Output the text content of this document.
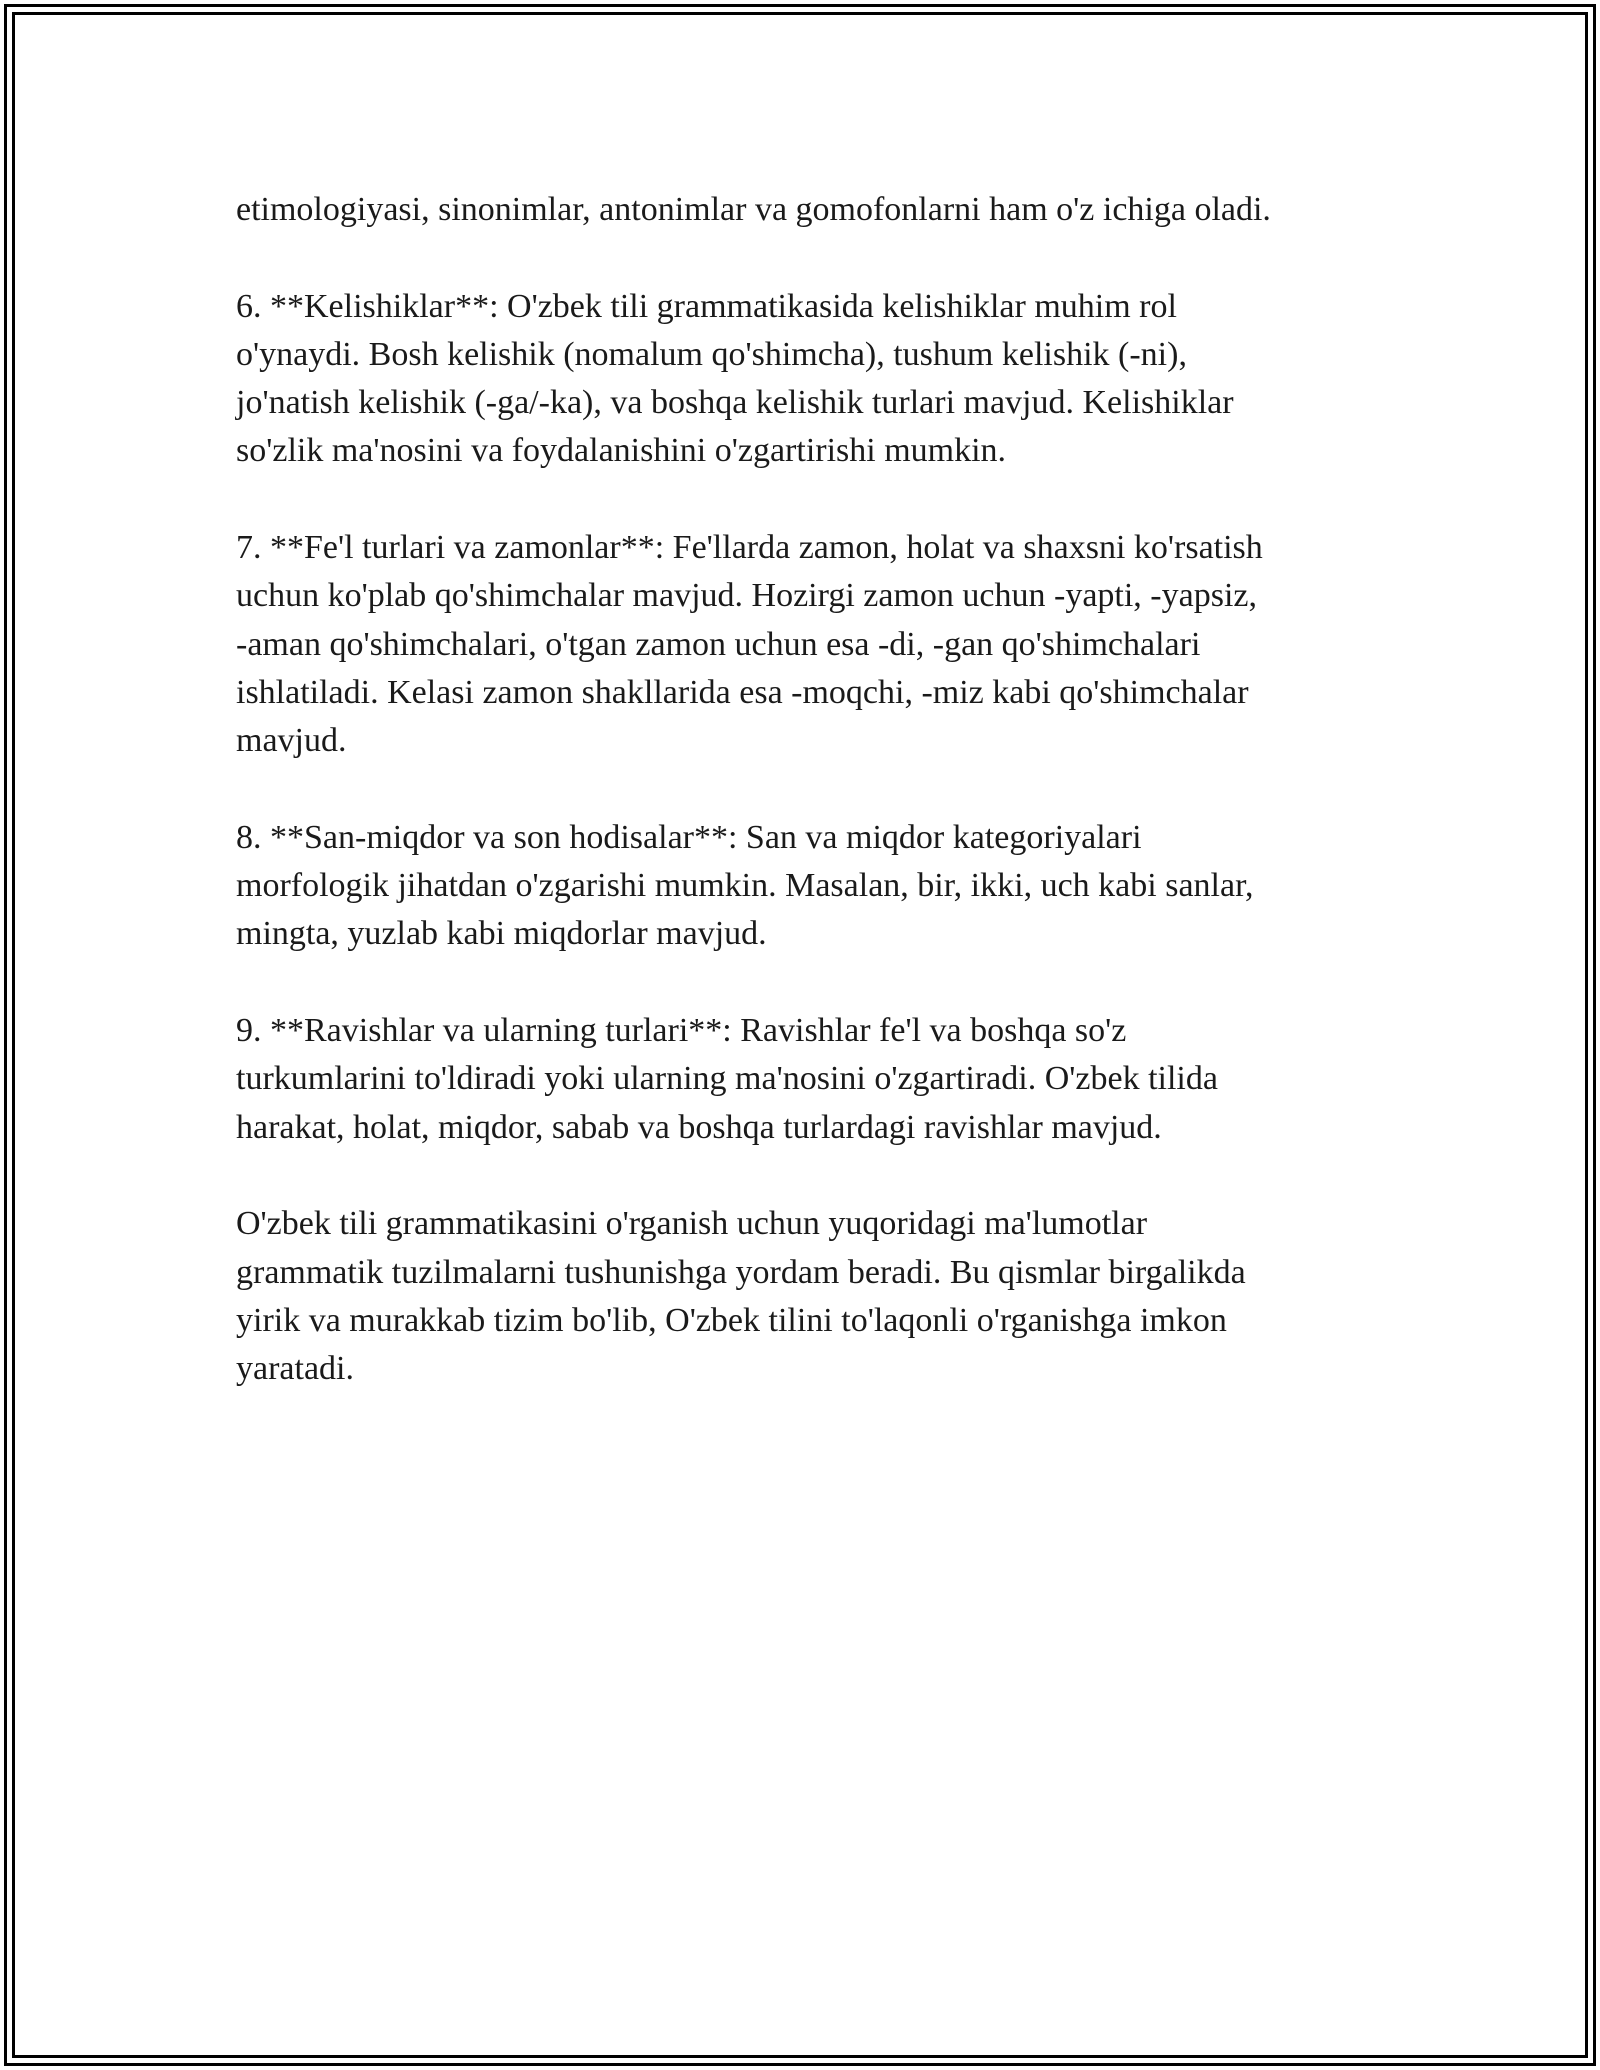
etimologiyasi, sinonimlar, antonimlar va gomofonlarni ham o'z ichiga oladi.

6. **Kelishiklar**: O'zbek tili grammatikasida kelishiklar muhim rol
o'ynaydi. Bosh kelishik (nomalum qo'shimcha), tushum kelishik (-ni),
jo'natish kelishik (-ga/-ka), va boshqa kelishik turlari mavjud. Kelishiklar
so'zlik ma'nosini va foydalanishini o'zgartirishi mumkin.

7. **Fe'l turlari va zamonlar**: Fe'llarda zamon, holat va shaxsni ko'rsatish
uchun ko'plab qo'shimchalar mavjud. Hozirgi zamon uchun -yapti, -yapsiz,
-aman qo'shimchalari, o'tgan zamon uchun esa -di, -gan qo'shimchalari
ishlatiladi. Kelasi zamon shakllarida esa -moqchi, -miz kabi qo'shimchalar
mavjud.

8. **San-miqdor va son hodisalar**: San va miqdor kategoriyalari
morfologik jihatdan o'zgarishi mumkin. Masalan, bir, ikki, uch kabi sanlar,
mingta, yuzlab kabi miqdorlar mavjud.

9. **Ravishlar va ularning turlari**: Ravishlar fe'l va boshqa so'z
turkumlarini to'ldiradi yoki ularning ma'nosini o'zgartiradi. O'zbek tilida
harakat, holat, miqdor, sabab va boshqa turlardagi ravishlar mavjud.

O'zbek tili grammatikasini o'rganish uchun yuqoridagi ma'lumotlar
grammatik tuzilmalarni tushunishga yordam beradi. Bu qismlar birgalikda
yirik va murakkab tizim bo'lib, O'zbek tilini to'laqonli o'rganishga imkon
yaratadi.
